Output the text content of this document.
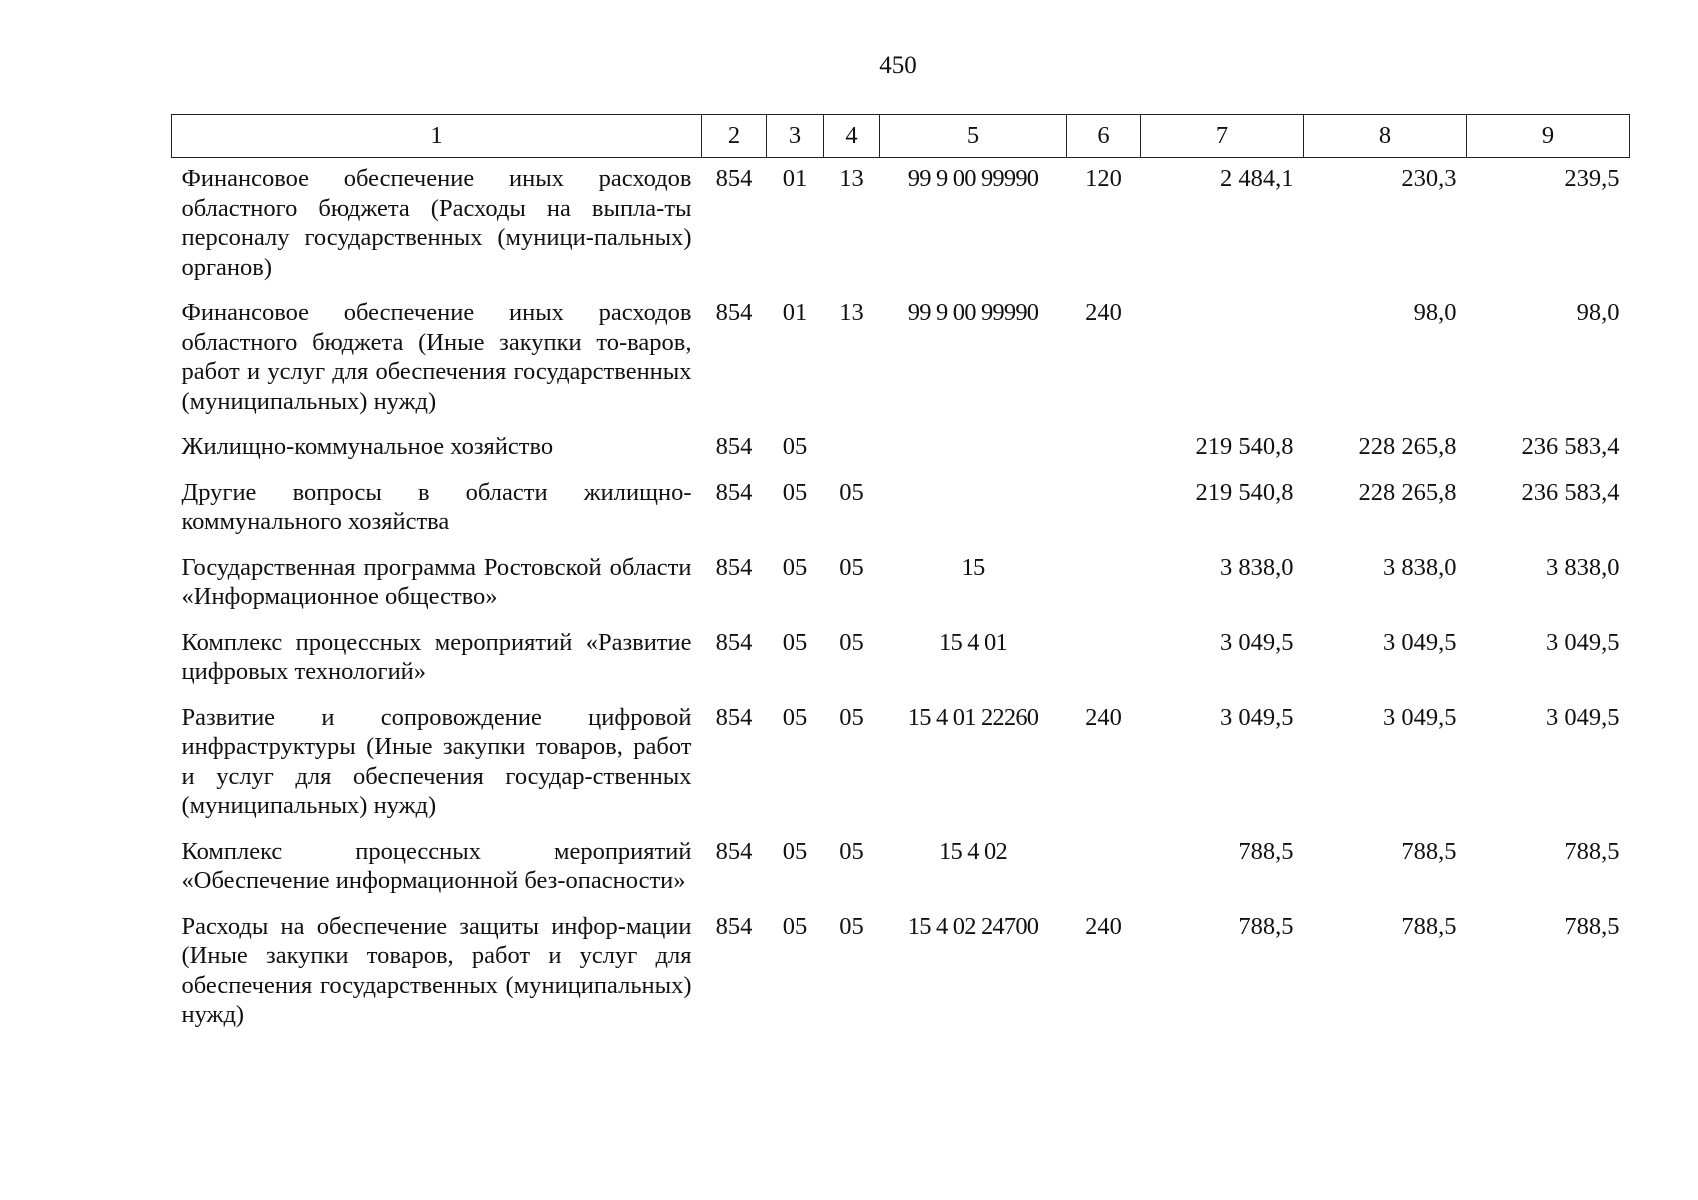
450
1	2	3	4	5	6	7	8	9
Финансовое обеспечение иных расходов областного бюджета (Расходы на выпла-ты персоналу государственных (муници-пальных) органов)	854	01	13	99 9 00 99990	120	2 484,1	230,3	239,5
Финансовое обеспечение иных расходов областного бюджета (Иные закупки то-варов, работ и услуг для обеспечения государственных (муниципальных) нужд)	854	01	13	99 9 00 99990	240		98,0	98,0
Жилищно-коммунальное хозяйство	854	05				219 540,8	228 265,8	236 583,4
Другие вопросы в области жилищно-коммунального хозяйства	854	05	05			219 540,8	228 265,8	236 583,4
Государственная программа Ростовской области «Информационное общество»	854	05	05	15		3 838,0	3 838,0	3 838,0
Комплекс процессных мероприятий «Развитие цифровых технологий»	854	05	05	15 4 01		3 049,5	3 049,5	3 049,5
Развитие и сопровождение цифровой инфраструктуры (Иные закупки товаров, работ и услуг для обеспечения государ-ственных (муниципальных) нужд)	854	05	05	15 4 01 22260	240	3 049,5	3 049,5	3 049,5
Комплекс процессных мероприятий «Обеспечение информационной без-опасности»	854	05	05	15 4 02		788,5	788,5	788,5
Расходы на обеспечение защиты инфор-мации (Иные закупки товаров, работ и услуг для обеспечения государственных (муниципальных) нужд)	854	05	05	15 4 02 24700	240	788,5	788,5	788,5
